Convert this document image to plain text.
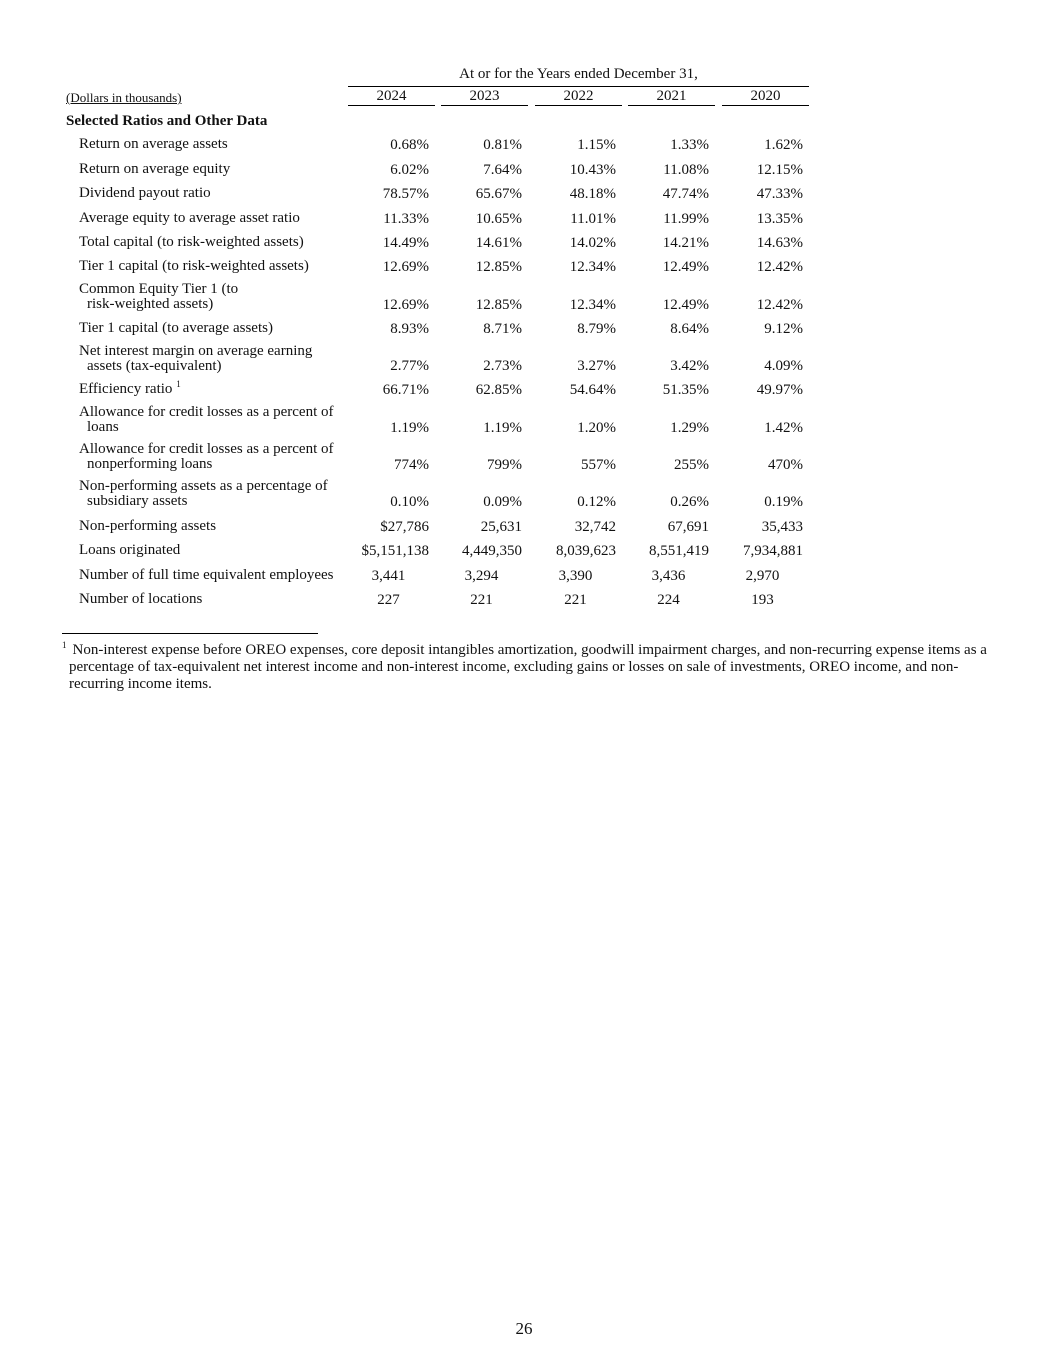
At or for the Years ended December 31,
(Dollars in thousands)	2024	2023	2022	2021	2020
Selected Ratios and Other Data
Return on average assets	0.68%	0.81%	1.15%	1.33%	1.62%
Return on average equity	6.02%	7.64%	10.43%	11.08%	12.15%
Dividend payout ratio	78.57%	65.67%	48.18%	47.74%	47.33%
Average equity to average asset ratio	11.33%	10.65%	11.01%	11.99%	13.35%
Total capital (to risk-weighted assets)	14.49%	14.61%	14.02%	14.21%	14.63%
Tier 1 capital (to risk-weighted assets)	12.69%	12.85%	12.34%	12.49%	12.42%
Common Equity Tier 1 (to
risk-weighted assets)	12.69%	12.85%	12.34%	12.49%	12.42%
Tier 1 capital (to average assets)	8.93%	8.71%	8.79%	8.64%	9.12%
Net interest margin on average earning
assets (tax-equivalent)	2.77%	2.73%	3.27%	3.42%	4.09%
Efficiency ratio $^1$	66.71%	62.85%	54.64%	51.35%	49.97%
Allowance for credit losses as a percent of
loans	1.19%	1.19%	1.20%	1.29%	1.42%
Allowance for credit losses as a percent of
nonperforming loans	774%	799%	557%	255%	470%
Non-performing assets as a percentage of
subsidiary assets	0.10%	0.09%	0.12%	0.26%	0.19%
Non-performing assets	$27,786	25,631	32,742	67,691	35,433
Loans originated	$5,151,138	4,449,350	8,039,623	8,551,419	7,934,881
Number of full time equivalent employees	3,441	3,294	3,390	3,436	2,970
Number of locations	227	221	221	224	193
$^1$ Non-interest expense before OREO expenses, core deposit intangibles amortization, goodwill impairment charges, and non-recurring expense items as a percentage of tax-equivalent net interest income and non-interest income, excluding gains or losses on sale of investments, OREO income, and non-recurring income items.
26
